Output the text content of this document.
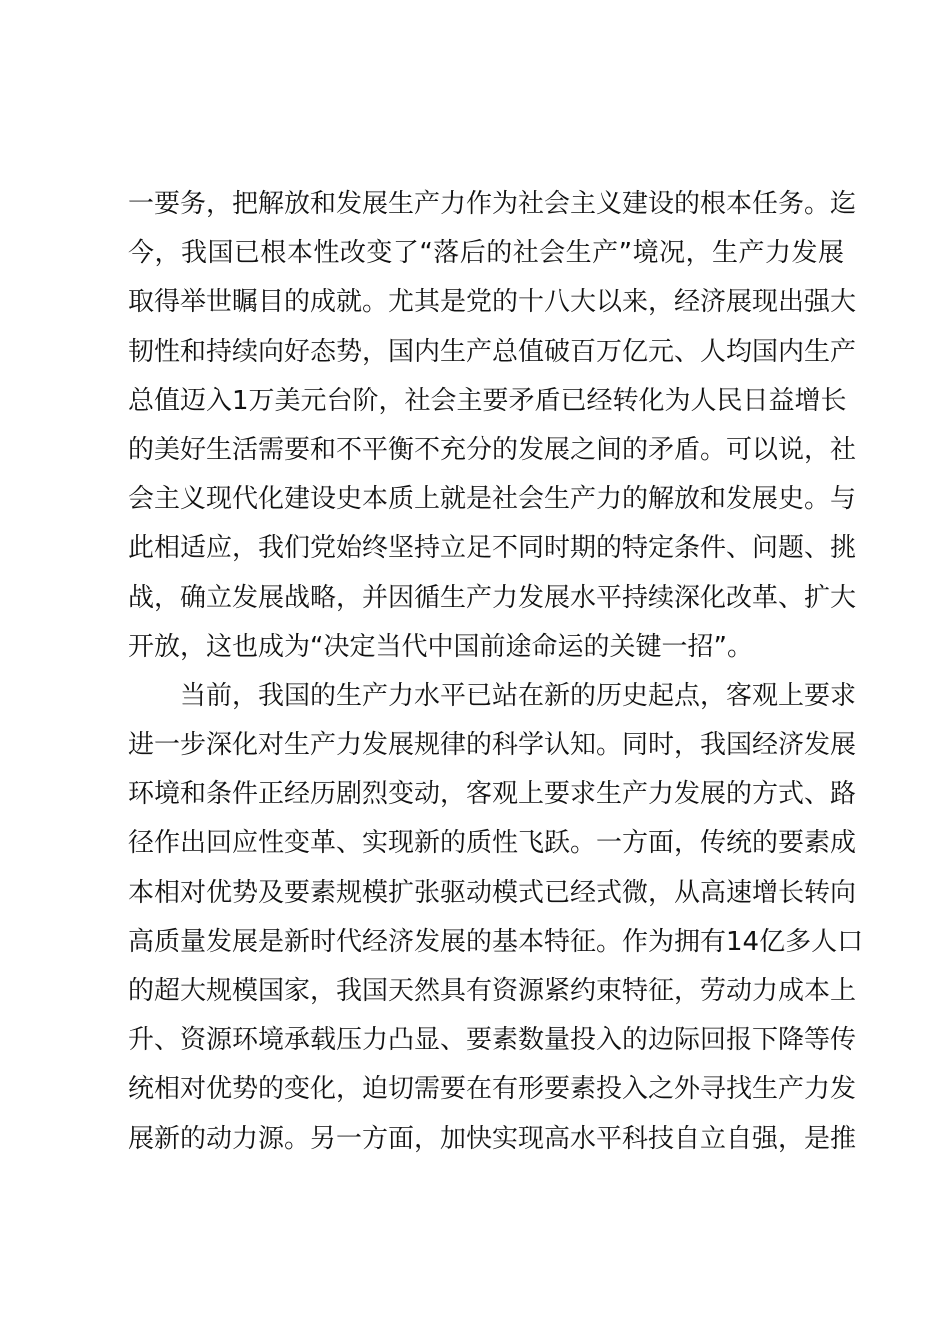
一要务，把解放和发展生产力作为社会主义建设的根本任务。迄
今，我国已根本性改变了“落后的社会生产”境况，生产力发展
取得举世瞩目的成就。尤其是党的十八大以来，经济展现出强大
韧性和持续向好态势，国内生产总值破百万亿元、人均国内生产
总值迈入1万美元台阶，社会主要矛盾已经转化为人民日益增长
的美好生活需要和不平衡不充分的发展之间的矛盾。可以说，社
会主义现代化建设史本质上就是社会生产力的解放和发展史。与
此相适应，我们党始终坚持立足不同时期的特定条件、问题、挑
战，确立发展战略，并因循生产力发展水平持续深化改革、扩大
开放，这也成为“决定当代中国前途命运的关键一招”。
当前，我国的生产力水平已站在新的历史起点，客观上要求
进一步深化对生产力发展规律的科学认知。同时，我国经济发展
环境和条件正经历剧烈变动，客观上要求生产力发展的方式、路
径作出回应性变革、实现新的质性飞跃。一方面，传统的要素成
本相对优势及要素规模扩张驱动模式已经式微，从高速增长转向
高质量发展是新时代经济发展的基本特征。作为拥有14亿多人口
的超大规模国家，我国天然具有资源紧约束特征，劳动力成本上
升、资源环境承载压力凸显、要素数量投入的边际回报下降等传
统相对优势的变化，迫切需要在有形要素投入之外寻找生产力发
展新的动力源。另一方面，加快实现高水平科技自立自强，是推
